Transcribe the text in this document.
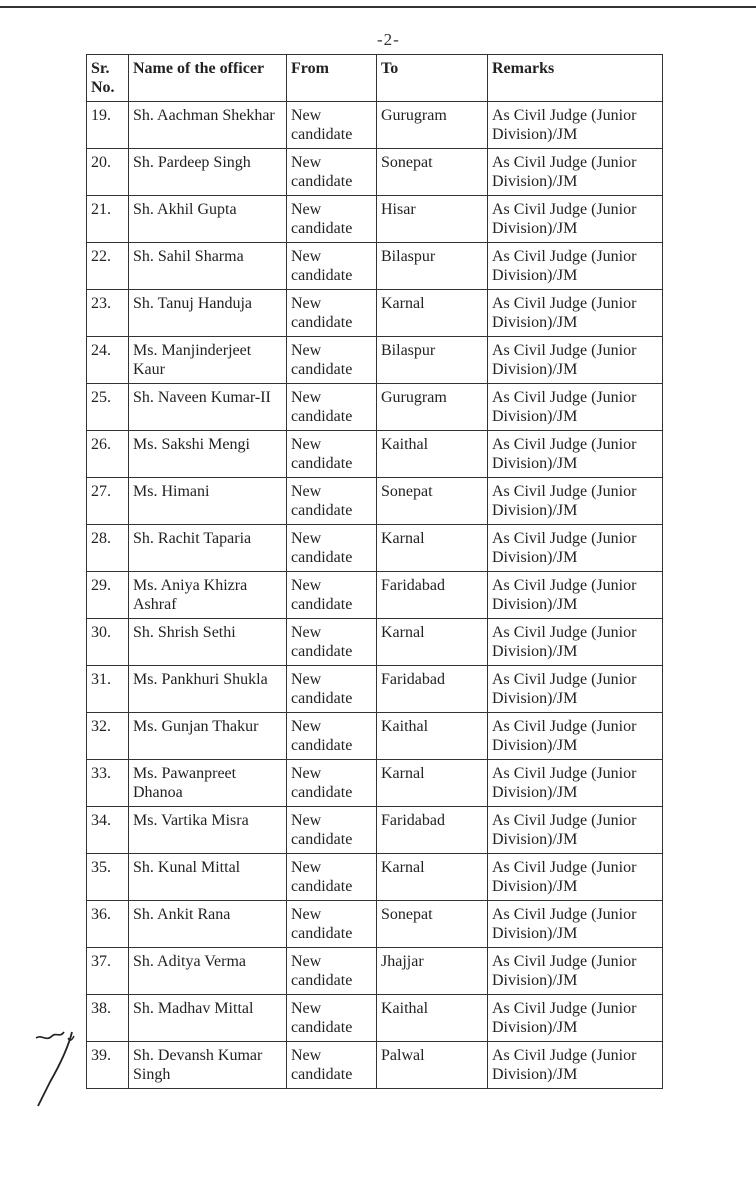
-2-
Sr. No.	Name of the officer	From	To	Remarks
19.	Sh. Aachman Shekhar	New candidate	Gurugram	As Civil Judge (Junior Division)/JM
20.	Sh. Pardeep Singh	New candidate	Sonepat	As Civil Judge (Junior Division)/JM
21.	Sh. Akhil Gupta	New candidate	Hisar	As Civil Judge (Junior Division)/JM
22.	Sh. Sahil Sharma	New candidate	Bilaspur	As Civil Judge (Junior Division)/JM
23.	Sh. Tanuj Handuja	New candidate	Karnal	As Civil Judge (Junior Division)/JM
24.	Ms. Manjinderjeet Kaur	New candidate	Bilaspur	As Civil Judge (Junior Division)/JM
25.	Sh. Naveen Kumar-II	New candidate	Gurugram	As Civil Judge (Junior Division)/JM
26.	Ms. Sakshi Mengi	New candidate	Kaithal	As Civil Judge (Junior Division)/JM
27.	Ms. Himani	New candidate	Sonepat	As Civil Judge (Junior Division)/JM
28.	Sh. Rachit Taparia	New candidate	Karnal	As Civil Judge (Junior Division)/JM
29.	Ms. Aniya Khizra Ashraf	New candidate	Faridabad	As Civil Judge (Junior Division)/JM
30.	Sh. Shrish Sethi	New candidate	Karnal	As Civil Judge (Junior Division)/JM
31.	Ms. Pankhuri Shukla	New candidate	Faridabad	As Civil Judge (Junior Division)/JM
32.	Ms. Gunjan Thakur	New candidate	Kaithal	As Civil Judge (Junior Division)/JM
33.	Ms. Pawanpreet Dhanoa	New candidate	Karnal	As Civil Judge (Junior Division)/JM
34.	Ms. Vartika Misra	New candidate	Faridabad	As Civil Judge (Junior Division)/JM
35.	Sh. Kunal Mittal	New candidate	Karnal	As Civil Judge (Junior Division)/JM
36.	Sh. Ankit Rana	New candidate	Sonepat	As Civil Judge (Junior Division)/JM
37.	Sh. Aditya Verma	New candidate	Jhajjar	As Civil Judge (Junior Division)/JM
38.	Sh. Madhav Mittal	New candidate	Kaithal	As Civil Judge (Junior Division)/JM
39.	Sh. Devansh Kumar Singh	New candidate	Palwal	As Civil Judge (Junior Division)/JM
